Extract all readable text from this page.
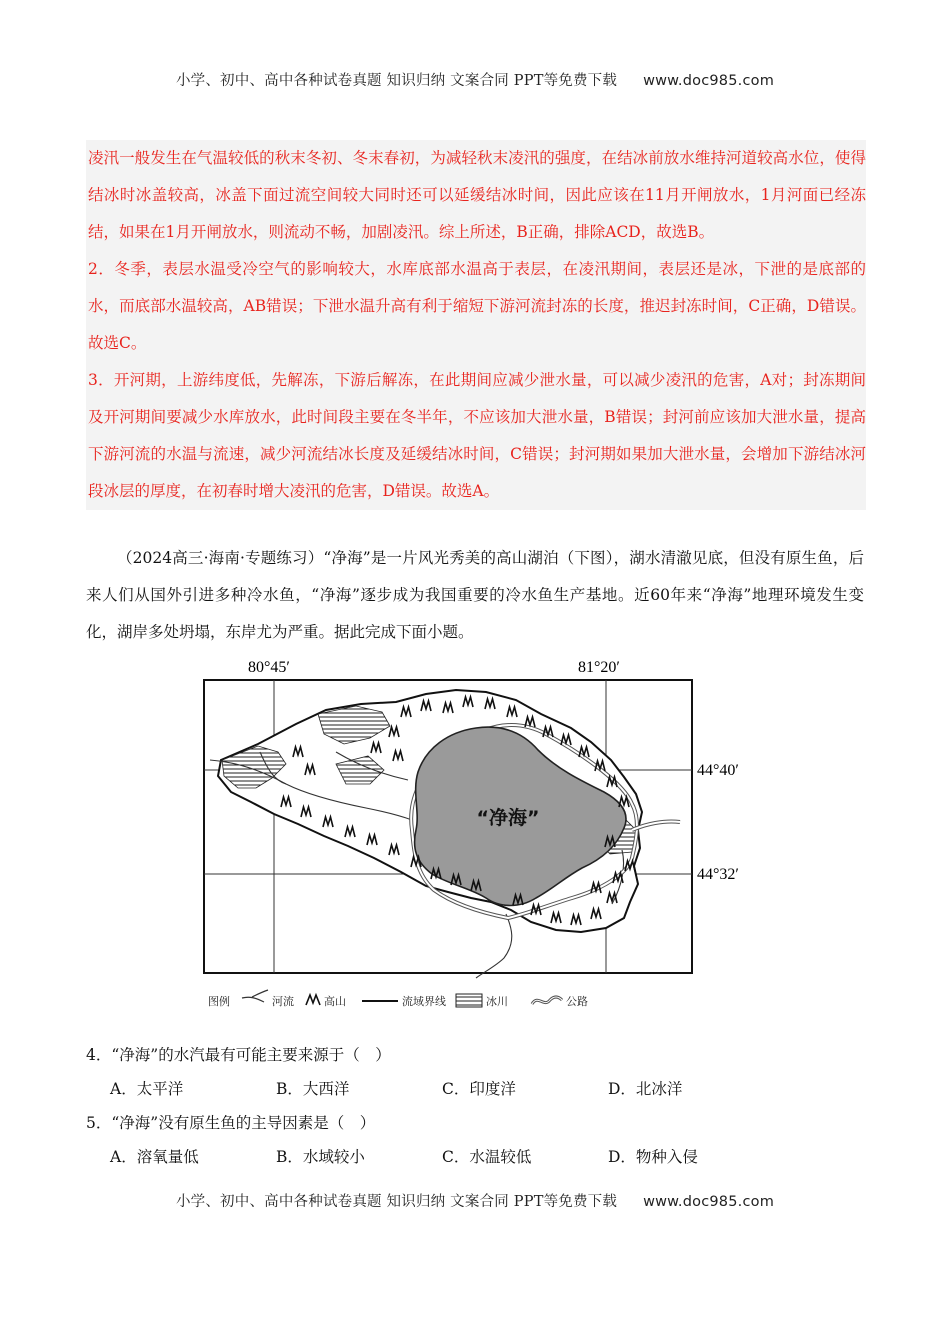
小学、初中、高中各种试卷真题 知识归纳 文案合同 PPT等免费下载 www.doc985.com

凌汛一般发生在气温较低的秋末冬初、冬末春初，为减轻秋末凌汛的强度，在结冰前放水维持河道较高水位，使得结冰时冰盖较高，冰盖下面过流空间较大同时还可以延缓结冰时间，因此应该在11月开闸放水，1月河面已经冻结，如果在1月开闸放水，则流动不畅，加剧凌汛。综上所述，B正确，排除ACD，故选B。

2．冬季，表层水温受冷空气的影响较大，水库底部水温高于表层，在凌汛期间，表层还是冰，下泄的是底部的水，而底部水温较高，AB错误；下泄水温升高有利于缩短下游河流封冻的长度，推迟封冻时间，C正确，D错误。故选C。

3．开河期，上游纬度低，先解冻，下游后解冻，在此期间应减少泄水量，可以减少凌汛的危害，A对；封冻期间及开河期间要减少水库放水，此时间段主要在冬半年，不应该加大泄水量，B错误；封河前应该加大泄水量，提高下游河流的水温与流速，减少河流结冰长度及延缓结冰时间，C错误；封河期如果加大泄水量，会增加下游结冰河段冰层的厚度，在初春时增大凌汛的危害，D错误。故选A。

（2024高三·海南·专题练习）“净海”是一片风光秀美的高山湖泊（下图），湖水清澈见底，但没有原生鱼，后来人们从国外引进多种冷水鱼，“净海”逐步成为我国重要的冷水鱼生产基地。近60年来“净海”地理环境发生变化，湖岸多处坍塌，东岸尤为严重。据此完成下面小题。

80°45′	81°20′
44°40′
44°32′
“净海”
图例	河流	高山	流域界线	冰川	公路
4．“净海”的水汽最有可能主要来源于（　）
A．太平洋	B．大西洋	C．印度洋	D．北冰洋
5．“净海”没有原生鱼的主导因素是（　）
A．溶氧量低	B．水域较小	C．水温较低	D．物种入侵
小学、初中、高中各种试卷真题 知识归纳 文案合同 PPT等免费下载 www.doc985.com
